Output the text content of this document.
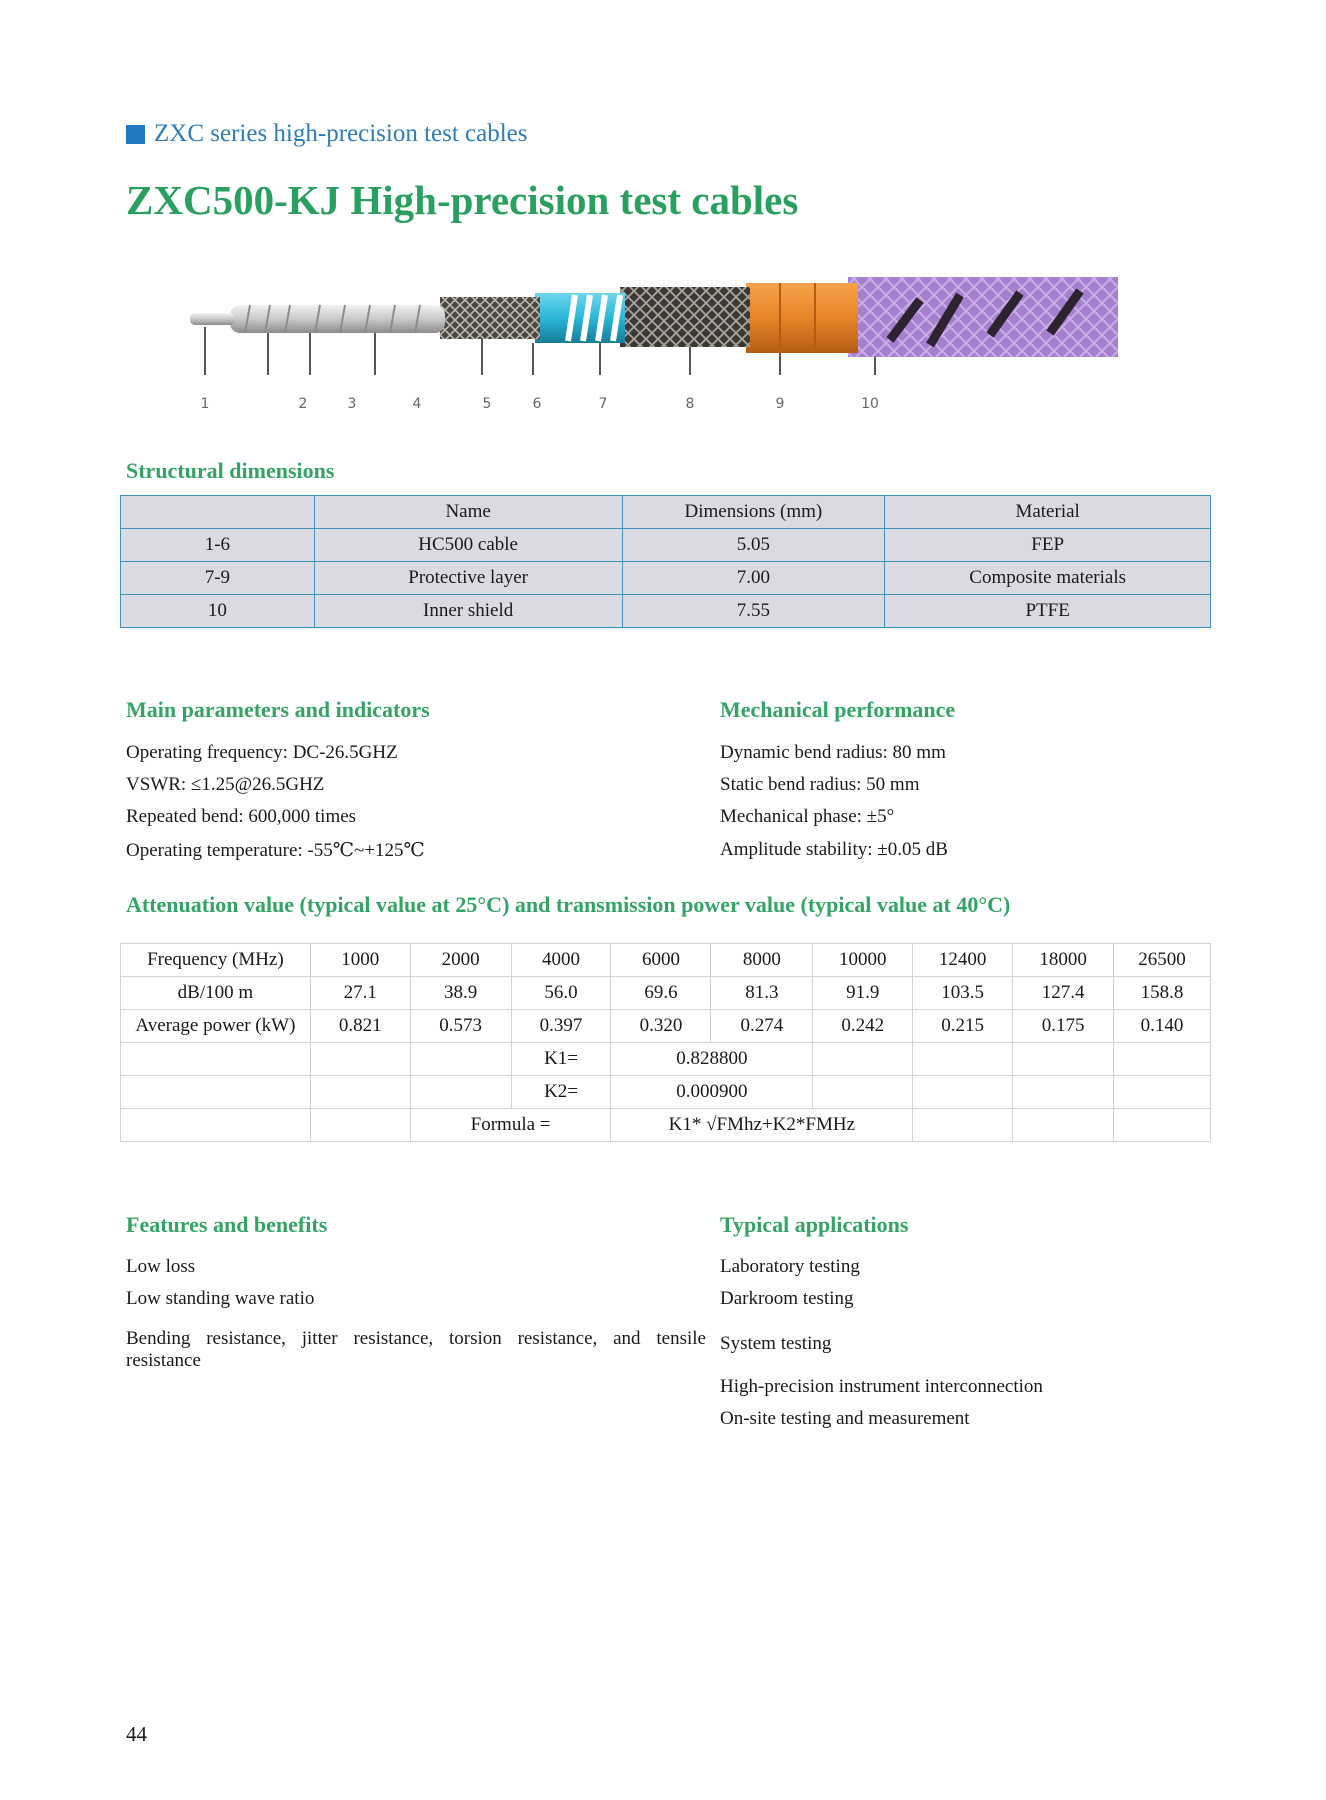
ZXC series high-precision test cables
ZXC500-KJ High-precision test cables
1	2	3	4	5	6	7	8	9	10
Structural dimensions
	Name	Dimensions (mm)	Material
1-6	HC500 cable	5.05	FEP
7-9	Protective layer	7.00	Composite materials
10	Inner shield	7.55	PTFE
Main parameters and indicators
Operating frequency: DC-26.5GHZ
VSWR: ≤1.25@26.5GHZ
Repeated bend: 600,000 times
Operating temperature: -55℃~+125℃
Mechanical performance
Dynamic bend radius: 80 mm
Static bend radius: 50 mm
Mechanical phase: ±5°
Amplitude stability: ±0.05 dB
Attenuation value (typical value at 25°C) and transmission power value (typical value at 40°C)
Frequency (MHz)	1000	2000	4000	6000	8000	10000	12400	18000	26500
dB/100 m	27.1	38.9	56.0	69.6	81.3	91.9	103.5	127.4	158.8
Average power (kW)	0.821	0.573	0.397	0.320	0.274	0.242	0.215	0.175	0.140
			K1=	0.828800					
			K2=	0.000900					
		Formula =		K1* √FMhz+K2*FMHz					
Features and benefits
Low loss
Low standing wave ratio
Bending resistance, jitter resistance, torsion resistance, and tensile resistance
Typical applications
Laboratory testing
Darkroom testing
System testing
High-precision instrument interconnection
On-site testing and measurement
44
